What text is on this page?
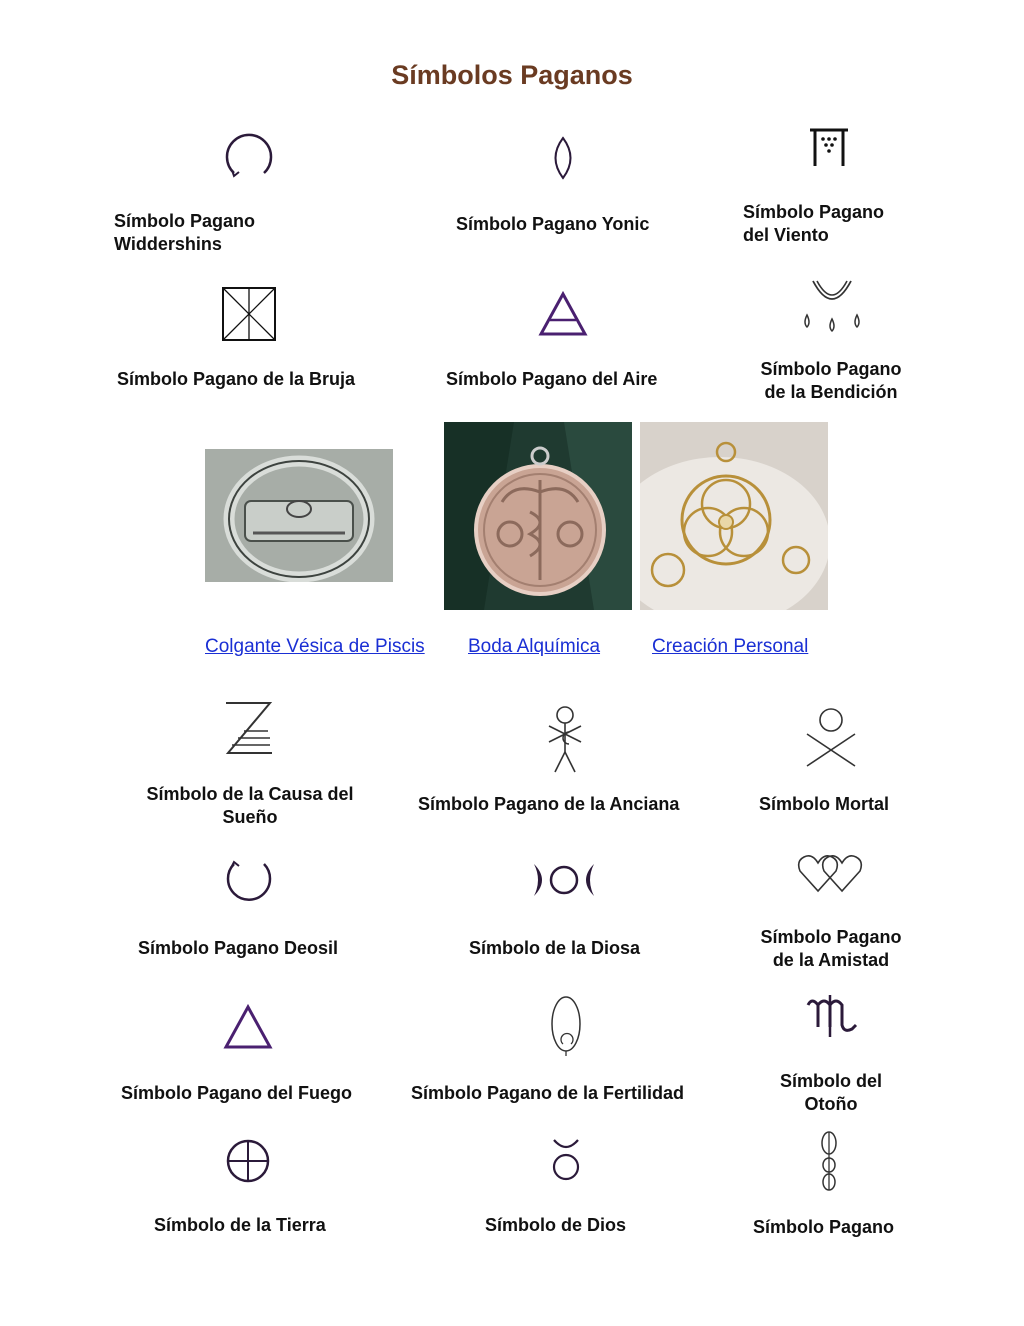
Símbolos Paganos
Símbolo Pagano
Widdershins
Símbolo Pagano Yonic
Símbolo Pagano
del Viento
Símbolo Pagano de la Bruja	Símbolo Pagano del Aire	Símbolo Pagano
de la Bendición
Colgante Vésica de Piscis Boda Alquímica	Creación Personal
Símbolo de la Causa del
Sueño
Símbolo Pagano de la Anciana	Símbolo Mortal
Símbolo Pagano Deosil	Símbolo de la Diosa
Símbolo Pagano
de la Amistad
Símbolo Pagano del Fuego	Símbolo Pagano de la Fertilidad
Símbolo del
Otoño
Símbolo de la Tierra	Símbolo de Dios	Símbolo Pagano
